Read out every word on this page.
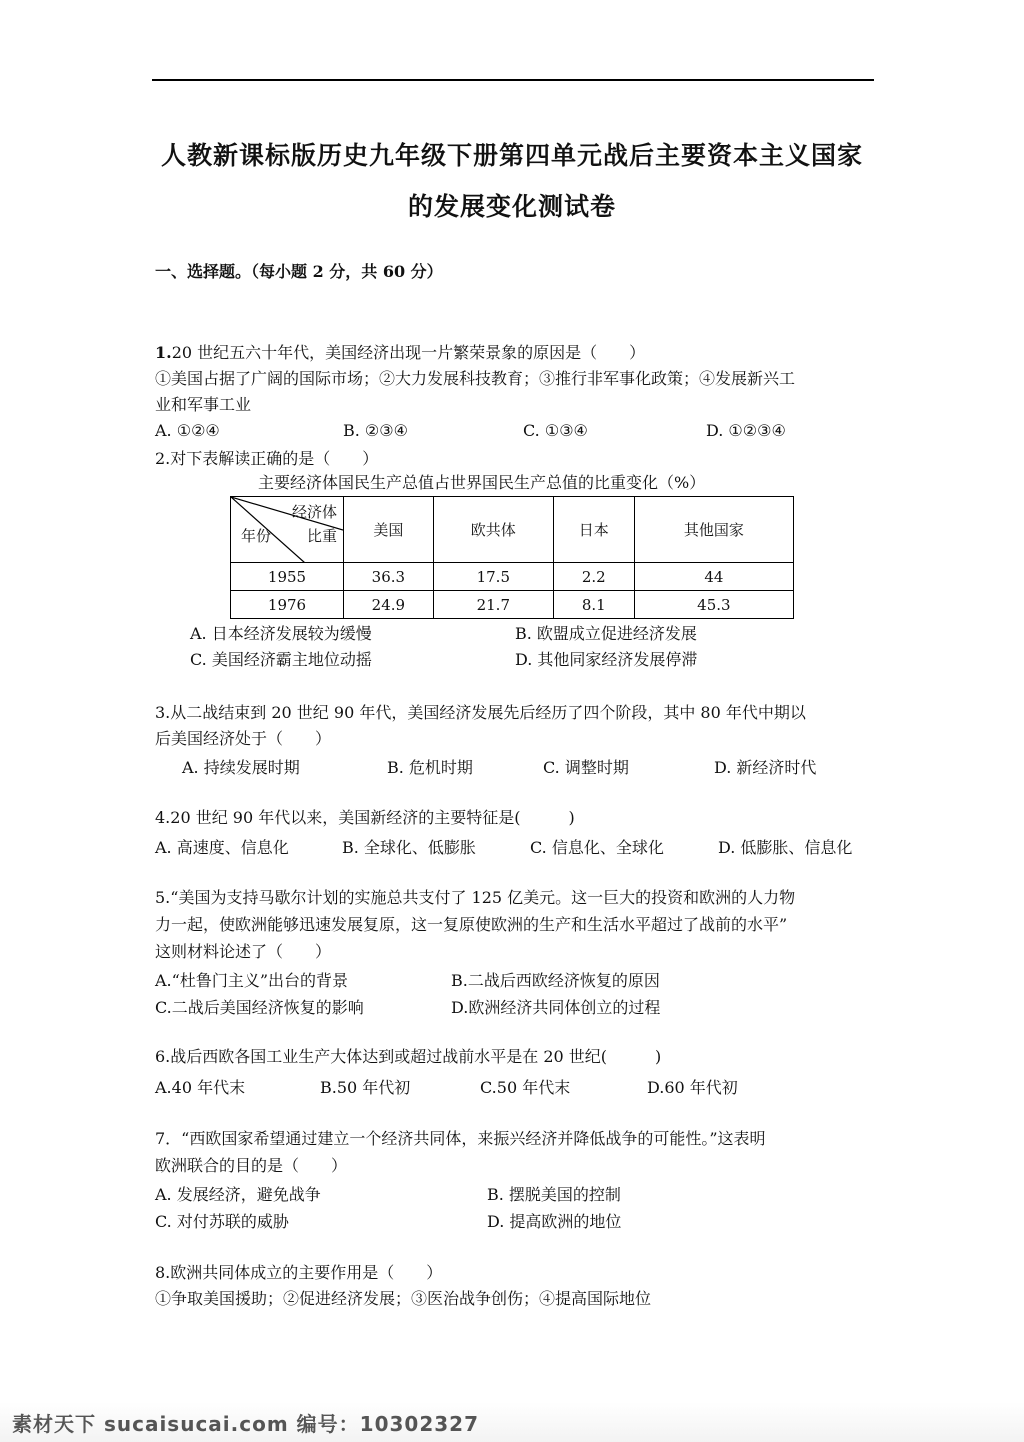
人教新课标版历史九年级下册第四单元战后主要资本主义国家
的发展变化测试卷
一、选择题。（每小题 2 分，共 60 分）
1.20 世纪五六十年代，美国经济出现一片繁荣景象的原因是（　　）
①美国占据了广阔的国际市场；②大力发展科技教育；③推行非军事化政策；④发展新兴工
业和军事工业
A. ①②④	B. ②③④	C. ①③④	D. ①②③④
2.对下表解读正确的是（　　）
主要经济体国民生产总值占世界国民生产总值的比重变化（%）
经济体
年份 比重	美国	欧共体	日本	其他国家
1955	36.3	17.5	2.2	44
1976	24.9	21.7	8.1	45.3
A. 日本经济发展较为缓慢	B. 欧盟成立促进经济发展
C. 美国经济霸主地位动摇	D. 其他同家经济发展停滞
3.从二战结束到 20 世纪 90 年代，美国经济发展先后经历了四个阶段，其中 80 年代中期以
后美国经济处于（　　）
A. 持续发展时期	B. 危机时期	C. 调整时期	D. 新经济时代
4.20 世纪 90 年代以来，美国新经济的主要特征是(　　　)
A. 高速度、信息化	B. 全球化、低膨胀	C. 信息化、全球化	D. 低膨胀、信息化
5.“美国为支持马歇尔计划的实施总共支付了 125 亿美元。这一巨大的投资和欧洲的人力物
力一起，使欧洲能够迅速发展复原，这一复原使欧洲的生产和生活水平超过了战前的水平”
这则材料论述了（　　）
A.“杜鲁门主义”出台的背景	B.二战后西欧经济恢复的原因
C.二战后美国经济恢复的影响	D.欧洲经济共同体创立的过程
6.战后西欧各国工业生产大体达到或超过战前水平是在 20 世纪(　　　)
A.40 年代末	B.50 年代初	C.50 年代末	D.60 年代初
7．“西欧国家希望通过建立一个经济共同体，来振兴经济并降低战争的可能性。”这表明
欧洲联合的目的是（　　）
A. 发展经济，避免战争	B. 摆脱美国的控制
C. 对付苏联的威胁	D. 提高欧洲的地位
8.欧洲共同体成立的主要作用是（　　）
①争取美国援助；②促进经济发展；③医治战争创伤；④提高国际地位
素材天下 sucaisucai.com 编号：10302327
